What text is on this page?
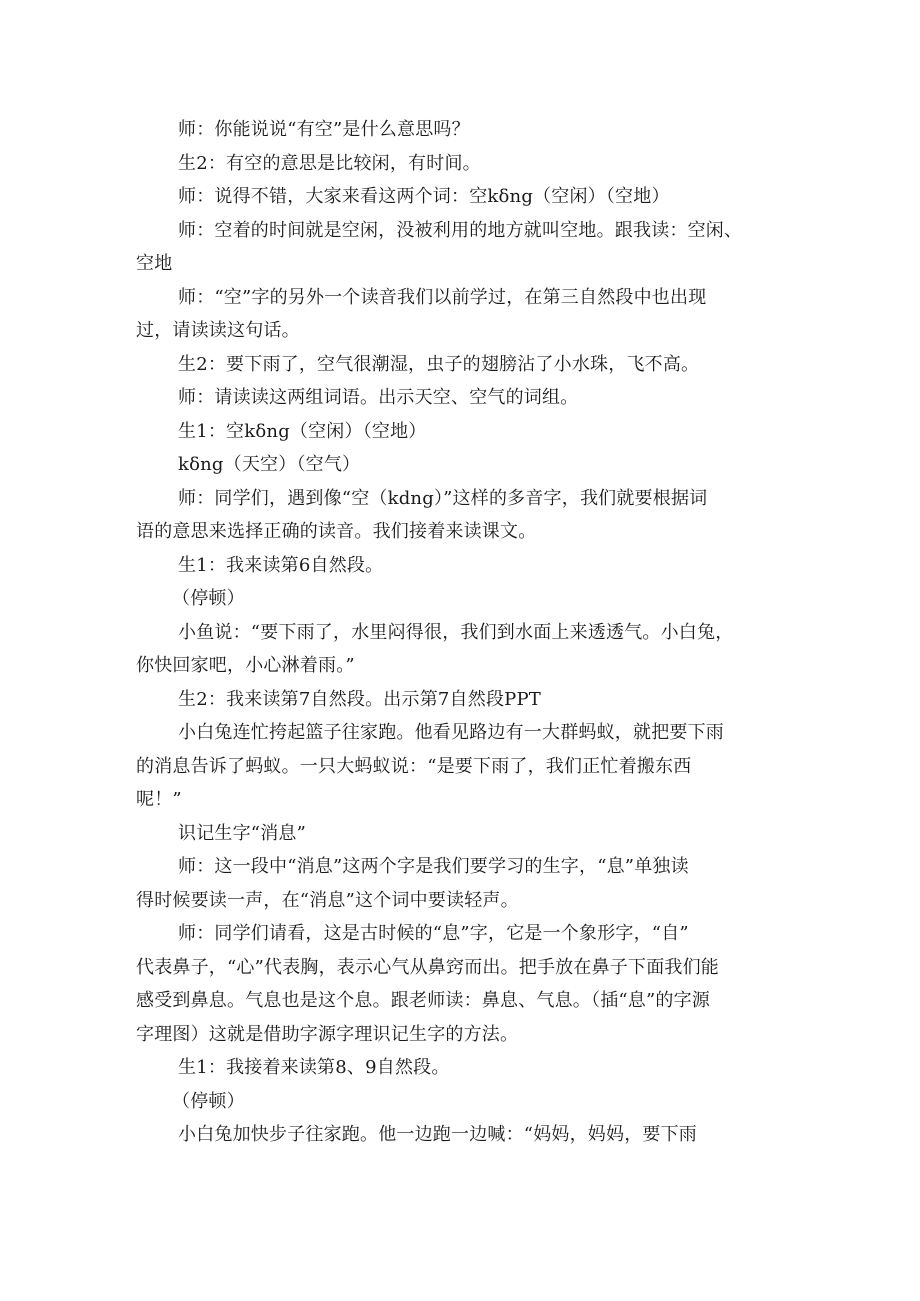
师：你能说说“有空”是什么意思吗？

生2：有空的意思是比较闲，有时间。

师：说得不错，大家来看这两个词：空kδng（空闲）（空地）

师：空着的时间就是空闲，没被利用的地方就叫空地。跟我读：空闲、

空地

师：“空”字的另外一个读音我们以前学过，在第三自然段中也出现

过，请读读这句话。

生2：要下雨了，空气很潮湿，虫子的翅膀沾了小水珠，飞不高。

师：请读读这两组词语。出示天空、空气的词组。

生1：空kδng（空闲）（空地）

kδng（天空）（空气）

师：同学们，遇到像“空（kdng）”这样的多音字，我们就要根据词

语的意思来选择正确的读音。我们接着来读课文。

生1：我来读第6自然段。

（停顿）

小鱼说：“要下雨了，水里闷得很，我们到水面上来透透气。小白兔，

你快回家吧，小心淋着雨。”

生2：我来读第7自然段。出示第7自然段PPT

小白兔连忙挎起篮子往家跑。他看见路边有一大群蚂蚁，就把要下雨

的消息告诉了蚂蚁。一只大蚂蚁说：“是要下雨了，我们正忙着搬东西

呢！”

识记生字“消息”

师：这一段中“消息”这两个字是我们要学习的生字，“息”单独读

得时候要读一声，在“消息”这个词中要读轻声。

师：同学们请看，这是古时候的“息”字，它是一个象形字，“自”

代表鼻子，“心”代表胸，表示心气从鼻窍而出。把手放在鼻子下面我们能

感受到鼻息。气息也是这个息。跟老师读：鼻息、气息。（插“息”的字源

字理图）这就是借助字源字理识记生字的方法。

生1：我接着来读第8、9自然段。

（停顿）

小白兔加快步子往家跑。他一边跑一边喊：“妈妈，妈妈，要下雨
